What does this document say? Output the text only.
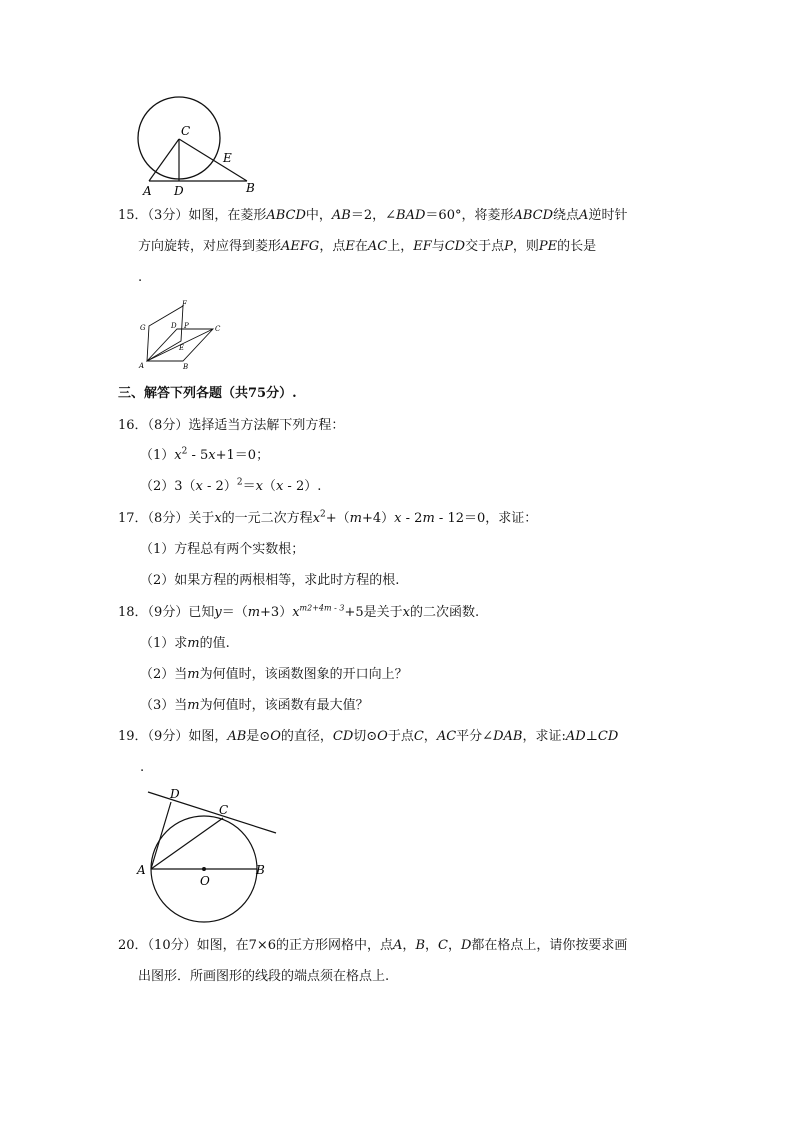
C
E
A D	B
15．（3分）如图，在菱形ABCD中，AB＝2，∠BAD＝60°，将菱形ABCD绕点A逆时针
方向旋转，对应得到菱形AEFG，点E在AC上，EF与CD交于点P，则PE的长是
.
F
G	D P	C
E
A	B
三、解答下列各题（共75分）.
16．（8分）选择适当方法解下列方程：
$(1)x^2 - 5x+1=0$；
（2）3（x - 2）$^2$＝x（x - 2）.
17．（8分）关于x的一元二次方程$x^2+(m+4)x - 2m - 12=0$，求证：
（1）方程总有两个实数根；
（2）如果方程的两根相等，求此时方程的根.
18．（9分）已知$y=(m+3)x^{m2+4m - 3}+5$是关于x的二次函数.
（1）求m的值.
（2）当m为何值时，该函数图象的开口向上？
（3）当m为何值时，该函数有最大值？
19．（9分）如图，AB是⊙O的直径，CD切⊙O于点C，AC平分∠DAB，求证:AD⊥CD
.
D
C
A
O
B
20．（10分）如图，在7×6的正方形网格中，点A，B，C，D都在格点上，请你按要求画
出图形．所画图形的线段的端点须在格点上.
